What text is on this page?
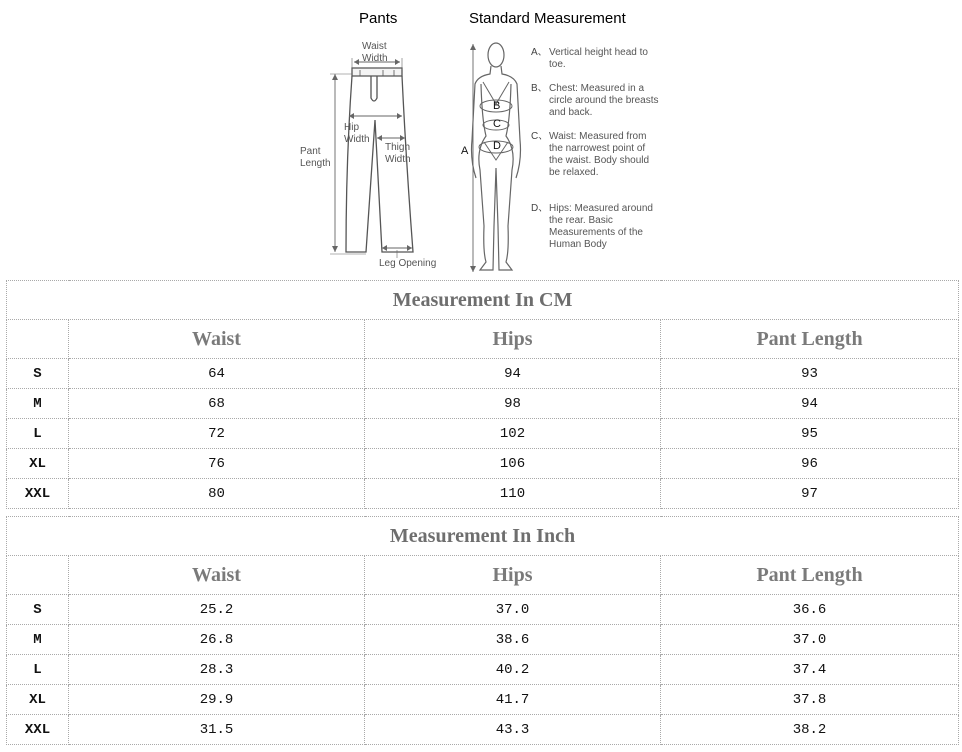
Pants	Standard Measurement
Waist
Width
Hip
Width
Thigh
Width
Pant
Length
Leg Opening
A
B
C
D
A、 Vertical height head to toe.
B、 Chest: Measured in a circle around the breasts and back.
C、 Waist: Measured from the narrowest point of the waist. Body should be relaxed.
D、 Hips: Measured around the rear. Basic Measurements of the Human Body
Measurement In CM			
	Waist	Hips	Pant Length
S	64	94	93
M	68	98	94
L	72	102	95
XL	76	106	96
XXL	80	110	97
Measurement In Inch			
	Waist	Hips	Pant Length
S	25.2	37.0	36.6
M	26.8	38.6	37.0
L	28.3	40.2	37.4
XL	29.9	41.7	37.8
XXL	31.5	43.3	38.2
